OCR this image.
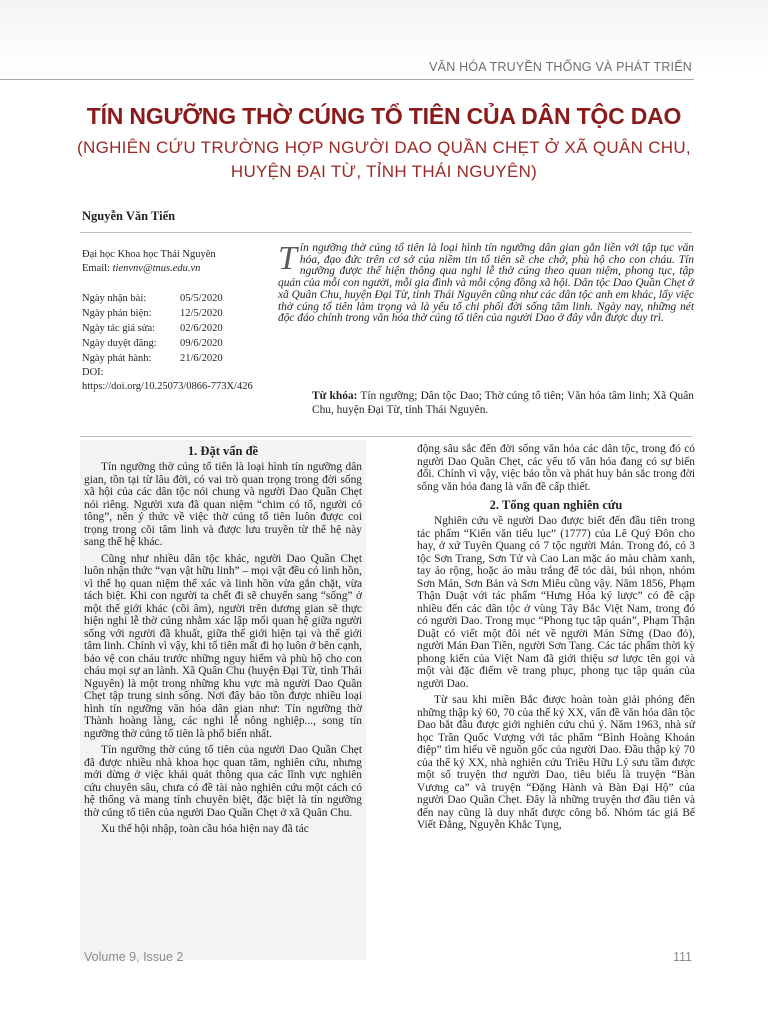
VĂN HÓA TRUYỀN THỐNG VÀ PHÁT TRIỂN
TÍN NGƯỠNG THỜ CÚNG TỔ TIÊN CỦA DÂN TỘC DAO
(NGHIÊN CỨU TRƯỜNG HỢP NGƯỜI DAO QUẦN CHẸT Ở XÃ QUÂN CHU, HUYỆN ĐẠI TỪ, TỈNH THÁI NGUYÊN)
Nguyễn Văn Tiến
Đại học Khoa học Thái Nguyên
Email: tienvnv@tnus.edu.vn
Ngày nhận bài:	05/5/2020
Ngày phản biện:	12/5/2020
Ngày tác giả sửa:	02/6/2020
Ngày duyệt đăng:	09/6/2020
Ngày phát hành:	21/6/2020
DOI:
https://doi.org/10.25073/0866-773X/426
Tín ngưỡng thờ cúng tổ tiên là loại hình tín ngưỡng dân gian gắn liền với tập tục văn hóa, đạo đức trên cơ sở của niềm tin tổ tiên sẽ che chở, phù hộ cho con cháu. Tín ngưỡng được thể hiện thông qua nghi lễ thờ cúng theo quan niệm, phong tục, tập quán của mỗi con người, mỗi gia đình và mỗi cộng đồng xã hội. Dân tộc Dao Quần Chẹt ở xã Quân Chu, huyện Đại Từ, tỉnh Thái Nguyên cũng như các dân tộc anh em khác, lấy việc thờ cúng tổ tiên làm trọng và là yếu tố chi phối đời sống tâm linh. Ngày nay, những nét độc đáo chính trong văn hóa thờ cúng tổ tiên của người Dao ở đây vẫn được duy trì.
Từ khóa: Tín ngưỡng; Dân tộc Dao; Thờ cúng tổ tiên; Văn hóa tâm linh; Xã Quân Chu, huyện Đại Từ, tỉnh Thái Nguyên.
1. Đặt vấn đề

Tín ngưỡng thờ cúng tổ tiên là loại hình tín ngưỡng dân gian, tồn tại từ lâu đời, có vai trò quan trọng trong đời sống xã hội của các dân tộc nói chung và người Dao Quần Chẹt nói riêng. Người xưa đã quan niệm “chim có tổ, người có tông”, nên ý thức về việc thờ cúng tổ tiên luôn được coi trọng trong cõi tâm linh và được lưu truyền từ thế hệ này sang thế hệ khác.

Cũng như nhiều dân tộc khác, người Dao Quần Chẹt luôn nhận thức “vạn vật hữu linh” – mọi vật đều có linh hồn, vì thế họ quan niệm thể xác và linh hồn vừa gắn chặt, vừa tách biệt. Khi con người ta chết đi sẽ chuyển sang “sống” ở một thế giới khác (cõi âm), người trên dương gian sẽ thực hiện nghi lễ thờ cúng nhằm xác lập mối quan hệ giữa người sống với người đã khuất, giữa thế giới hiện tại và thế giới tâm linh. Chính vì vậy, khi tổ tiên mất đi họ luôn ở bên cạnh, bảo vệ con cháu trước những nguy hiểm và phù hộ cho con cháu mọi sự an lành. Xã Quân Chu (huyện Đại Từ, tỉnh Thái Nguyên) là một trong những khu vực mà người Dao Quần Chẹt tập trung sinh sống. Nơi đây bảo tồn được nhiều loại hình tín ngưỡng văn hóa dân gian như: Tín ngưỡng thờ Thành hoàng làng, các nghi lễ nông nghiệp..., song tín ngưỡng thờ cúng tổ tiên là phổ biến nhất.

Tín ngưỡng thờ cúng tổ tiên của người Dao Quần Chẹt đã được nhiều nhà khoa học quan tâm, nghiên cứu, nhưng mới dừng ở việc khái quát thông qua các lĩnh vực nghiên cứu chuyên sâu, chưa có đề tài nào nghiên cứu một cách có hệ thống và mang tính chuyên biệt, đặc biệt là tín ngưỡng thờ cúng tổ tiên của người Dao Quần Chẹt ở xã Quân Chu.

Xu thế hội nhập, toàn cầu hóa hiện nay đã tác

động sâu sắc đến đời sống văn hóa các dân tộc, trong đó có người Dao Quần Chẹt, các yếu tố văn hóa đang có sự biến đổi. Chính vì vậy, việc bảo tồn và phát huy bản sắc trong đời sống văn hóa đang là vấn đề cấp thiết.

2. Tổng quan nghiên cứu

Nghiên cứu về người Dao được biết đến đầu tiên trong tác phẩm “Kiến văn tiểu lục” (1777) của Lê Quý Đôn cho hay, ở xứ Tuyên Quang có 7 tộc người Mán. Trong đó, có 3 tộc Sơn Trang, Sơn Tử và Cao Lan mặc áo màu chàm xanh, tay áo rộng, hoặc áo màu trắng để tóc dài, búi nhọn, nhóm Sơn Mán, Sơn Bản và Sơn Miêu cũng vậy. Năm 1856, Phạm Thận Duật với tác phẩm “Hưng Hóa ký lược” có đề cập nhiều đến các dân tộc ở vùng Tây Bắc Việt Nam, trong đó có người Dao. Trong mục “Phong tục tập quán”, Phạm Thận Duật có viết một đôi nét về người Mán Sừng (Dao đỏ), người Mán Đan Tiền, người Sơn Tang. Các tác phẩm thời kỳ phong kiến của Việt Nam đã giới thiệu sơ lược tên gọi và một vài đặc điểm về trang phục, phong tục tập quán của người Dao.

Từ sau khi miền Bắc được hoàn toàn giải phóng đến những thập kỷ 60, 70 của thế kỷ XX, vấn đề văn hóa dân tộc Dao bắt đầu được giới nghiên cứu chú ý. Năm 1963, nhà sử học Trần Quốc Vượng với tác phẩm “Bình Hoàng Khoán điệp” tìm hiểu về nguồn gốc của người Dao. Đầu thập kỷ 70 của thế kỷ XX, nhà nghiên cứu Triều Hữu Lý sưu tầm được một số truyện thơ người Dao, tiêu biểu là truyện “Bàn Vương ca” và truyện “Đặng Hành và Bàn Đại Hộ” của người Dao Quần Chẹt. Đây là những truyện thơ đầu tiên và đến nay cũng là duy nhất được công bố. Nhóm tác giả Bế Viết Đẳng, Nguyễn Khắc Tụng,

Volume 9, Issue 2	111
